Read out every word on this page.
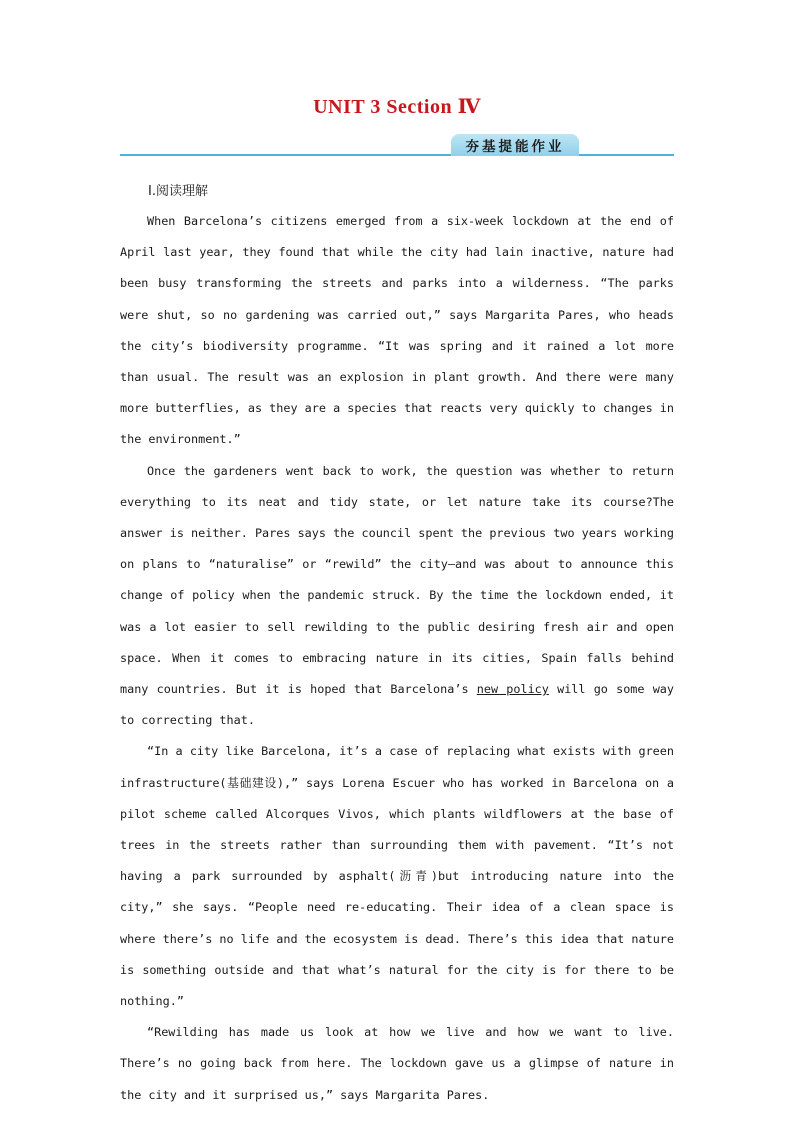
UNIT 3 Section Ⅳ
夯基提能作业
Ⅰ.阅读理解

When Barcelona’s citizens emerged from a six-week lockdown at the end of April last year, they found that while the city had lain inactive, nature had been busy transforming the streets and parks into a wilderness. “The parks were shut, so no gardening was carried out,” says Margarita Pares, who heads the city’s biodiversity programme. “It was spring and it rained a lot more than usual. The result was an explosion in plant growth. And there were many more butterflies, as they are a species that reacts very quickly to changes in the environment.”

Once the gardeners went back to work, the question was whether to return everything to its neat and tidy state, or let nature take its course?The answer is neither. Pares says the council spent the previous two years working on plans to “naturalise” or “rewild” the city—and was about to announce this change of policy when the pandemic struck. By the time the lockdown ended, it was a lot easier to sell rewilding to the public desiring fresh air and open space. When it comes to embracing nature in its cities, Spain falls behind many countries. But it is hoped that Barcelona’s new policy will go some way to correcting that.

“In a city like Barcelona, it’s a case of replacing what exists with green infrastructure(基础建设),” says Lorena Escuer who has worked in Barcelona on a pilot scheme called Alcorques Vivos, which plants wildflowers at the base of trees in the streets rather than surrounding them with pavement. “It’s not having a park surrounded by asphalt(沥青)but introducing nature into the city,” she says. “People need re-educating. Their idea of a clean space is where there’s no life and the ecosystem is dead. There’s this idea that nature is something outside and that what’s natural for the city is for there to be nothing.”

“Rewilding has made us look at how we live and how we want to live. There’s no going back from here. The lockdown gave us a glimpse of nature in the city and it surprised us,” says Margarita Pares.
